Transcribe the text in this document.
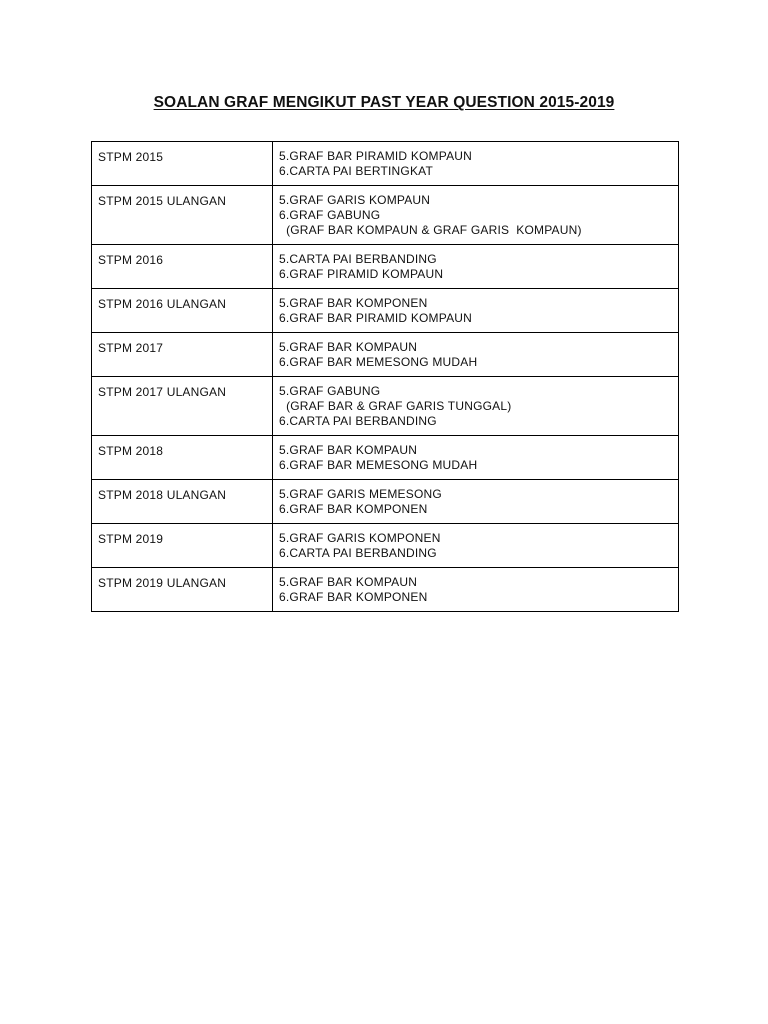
SOALAN GRAF MENGIKUT PAST YEAR QUESTION 2015-2019
STPM 2015	5.GRAF BAR PIRAMID KOMPAUN
6.CARTA PAI BERTINGKAT

STPM 2015 ULANGAN	5.GRAF GARIS KOMPAUN
6.GRAF GABUNG
(GRAF BAR KOMPAUN & GRAF GARIS  KOMPAUN)

STPM 2016	5.CARTA PAI BERBANDING
6.GRAF PIRAMID KOMPAUN

STPM 2016 ULANGAN	5.GRAF BAR KOMPONEN
6.GRAF BAR PIRAMID KOMPAUN

STPM 2017	5.GRAF BAR KOMPAUN
6.GRAF BAR MEMESONG MUDAH

STPM 2017 ULANGAN	5.GRAF GABUNG
(GRAF BAR & GRAF GARIS TUNGGAL)
6.CARTA PAI BERBANDING

STPM 2018	5.GRAF BAR KOMPAUN
6.GRAF BAR MEMESONG MUDAH

STPM 2018 ULANGAN	5.GRAF GARIS MEMESONG
6.GRAF BAR KOMPONEN

STPM 2019	5.GRAF GARIS KOMPONEN
6.CARTA PAI BERBANDING

STPM 2019 ULANGAN	5.GRAF BAR KOMPAUN
6.GRAF BAR KOMPONEN
